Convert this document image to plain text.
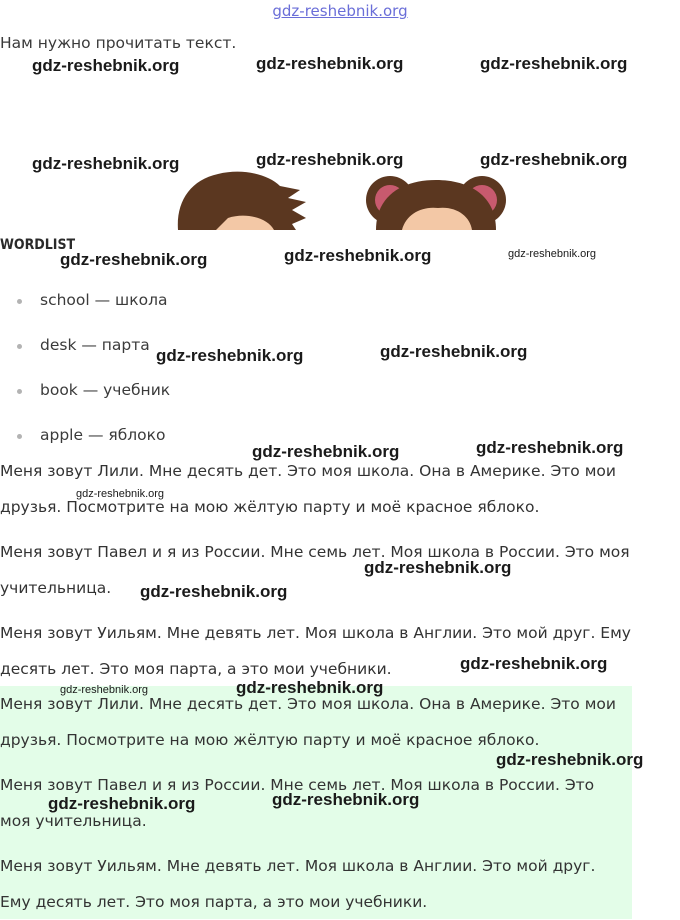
gdz-reshebnik.org
Нам нужно прочитать текст.
WORDLIST
school — школа
desk — парта
book — учебник
apple — яблоко

Меня зовут Лили. Мне десять дет. Это моя школа. Она в Америке. Это мои друзья. Посмотрите на мою жёлтую парту и моё красное яблоко.

Меня зовут Павел и я из России. Мне семь лет. Моя школа в России. Это моя учительница.

Меня зовут Уильям. Мне девять лет. Моя школа в Англии. Это мой друг. Ему десять лет. Это моя парта, а это мои учебники.

Меня зовут Лили. Мне десять дет. Это моя школа. Она в Америке. Это мои друзья. Посмотрите на мою жёлтую парту и моё красное яблоко.

Меня зовут Павел и я из России. Мне семь лет. Моя школа в России. Это моя учительница.

Меня зовут Уильям. Мне девять лет. Моя школа в Англии. Это мой друг. Ему десять лет. Это моя парта, а это мои учебники.

gdz-reshebnik.org	gdz-reshebnik.org	gdz-reshebnik.org
gdz-reshebnik.org	gdz-reshebnik.org	gdz-reshebnik.org
gdz-reshebnik.org	gdz-reshebnik.org	gdz-reshebnik.org
gdz-reshebnik.org	gdz-reshebnik.org
gdz-reshebnik.org	gdz-reshebnik.org
gdz-reshebnik.org
gdz-reshebnik.org
gdz-reshebnik.org
gdz-reshebnik.org
gdz-reshebnik.org	gdz-reshebnik.org
gdz-reshebnik.org
gdz-reshebnik.org	gdz-reshebnik.org
